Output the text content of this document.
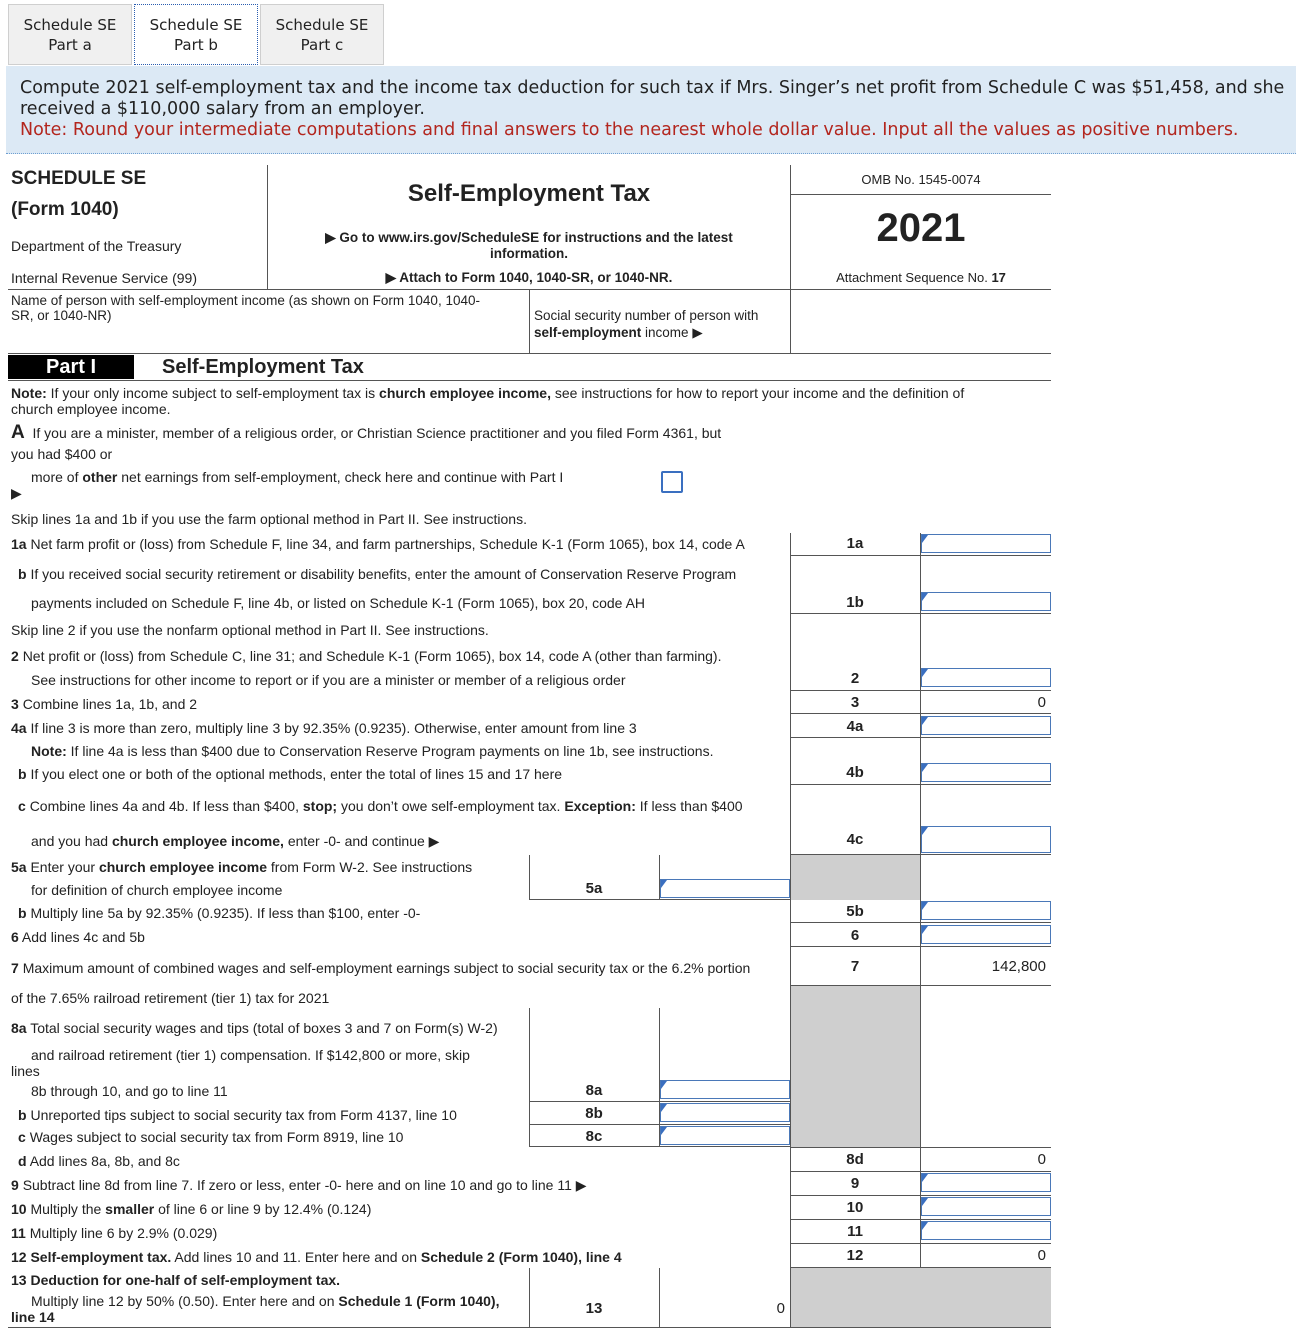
Schedule SE
Part a
Schedule SE
Part b
Schedule SE
Part c
Compute 2021 self-employment tax and the income tax deduction for such tax if Mrs. Singer’s net profit from Schedule C was $51,458, and she
received a $110,000 salary from an employer.
Note: Round your intermediate computations and final answers to the nearest whole dollar value. Input all the values as positive numbers.
SCHEDULE SE
(Form 1040)
Department of the Treasury
Internal Revenue Service (99)
Self-Employment Tax
▶ Go to www.irs.gov/ScheduleSE for instructions and the latest
information.
▶ Attach to Form 1040, 1040-SR, or 1040-NR.
OMB No. 1545-0074
2021
Attachment Sequence No. 17
Name of person with self-employment income (as shown on Form 1040, 1040-
SR, or 1040-NR)	Social security number of person with
self-employment income ▶
Part I	Self-Employment Tax
Note: If your only income subject to self-employment tax is church employee income, see instructions for how to report your income and the definition of
church employee income.
A If you are a minister, member of a religious order, or Christian Science practitioner and you filed Form 4361, but
you had $400 or
more of other net earnings from self-employment, check here and continue with Part I
▶
Skip lines 1a and 1b if you use the farm optional method in Part II. See instructions.
1a Net farm profit or (loss) from Schedule F, line 34, and farm partnerships, Schedule K-1 (Form 1065), box 14, code A
b If you received social security retirement or disability benefits, enter the amount of Conservation Reserve Program
payments included on Schedule F, line 4b, or listed on Schedule K-1 (Form 1065), box 20, code AH
Skip line 2 if you use the nonfarm optional method in Part II. See instructions.
2 Net profit or (loss) from Schedule C, line 31; and Schedule K-1 (Form 1065), box 14, code A (other than farming).
See instructions for other income to report or if you are a minister or member of a religious order
3 Combine lines 1a, 1b, and 2
4a If line 3 is more than zero, multiply line 3 by 92.35% (0.9235). Otherwise, enter amount from line 3
Note: If line 4a is less than $400 due to Conservation Reserve Program payments on line 1b, see instructions.
b If you elect one or both of the optional methods, enter the total of lines 15 and 17 here
c Combine lines 4a and 4b. If less than $400, stop; you don’t owe self-employment tax. Exception: If less than $400
and you had church employee income, enter -0- and continue ▶
5a Enter your church employee income from Form W-2. See instructions
for definition of church employee income
b Multiply line 5a by 92.35% (0.9235). If less than $100, enter -0-
6 Add lines 4c and 5b
7 Maximum amount of combined wages and self-employment earnings subject to social security tax or the 6.2% portion
of the 7.65% railroad retirement (tier 1) tax for 2021
8a Total social security wages and tips (total of boxes 3 and 7 on Form(s) W-2)
and railroad retirement (tier 1) compensation. If $142,800 or more, skip
lines
8b through 10, and go to line 11
b Unreported tips subject to social security tax from Form 4137, line 10
c Wages subject to social security tax from Form 8919, line 10
d Add lines 8a, 8b, and 8c
9 Subtract line 8d from line 7. If zero or less, enter -0- here and on line 10 and go to line 11 ▶
10 Multiply the smaller of line 6 or line 9 by 12.4% (0.124)
11 Multiply line 6 by 2.9% (0.029)
12 Self-employment tax. Add lines 10 and 11. Enter here and on Schedule 2 (Form 1040), line 4
13 Deduction for one-half of self-employment tax.
Multiply line 12 by 50% (0.50). Enter here and on Schedule 1 (Form 1040),
line 14
1a
1b
2
3
4a
4b
4c
5a
5b
6
7
8a
8b
8c
8d
9
10
11
12
13
0
142,800
0
0
0
